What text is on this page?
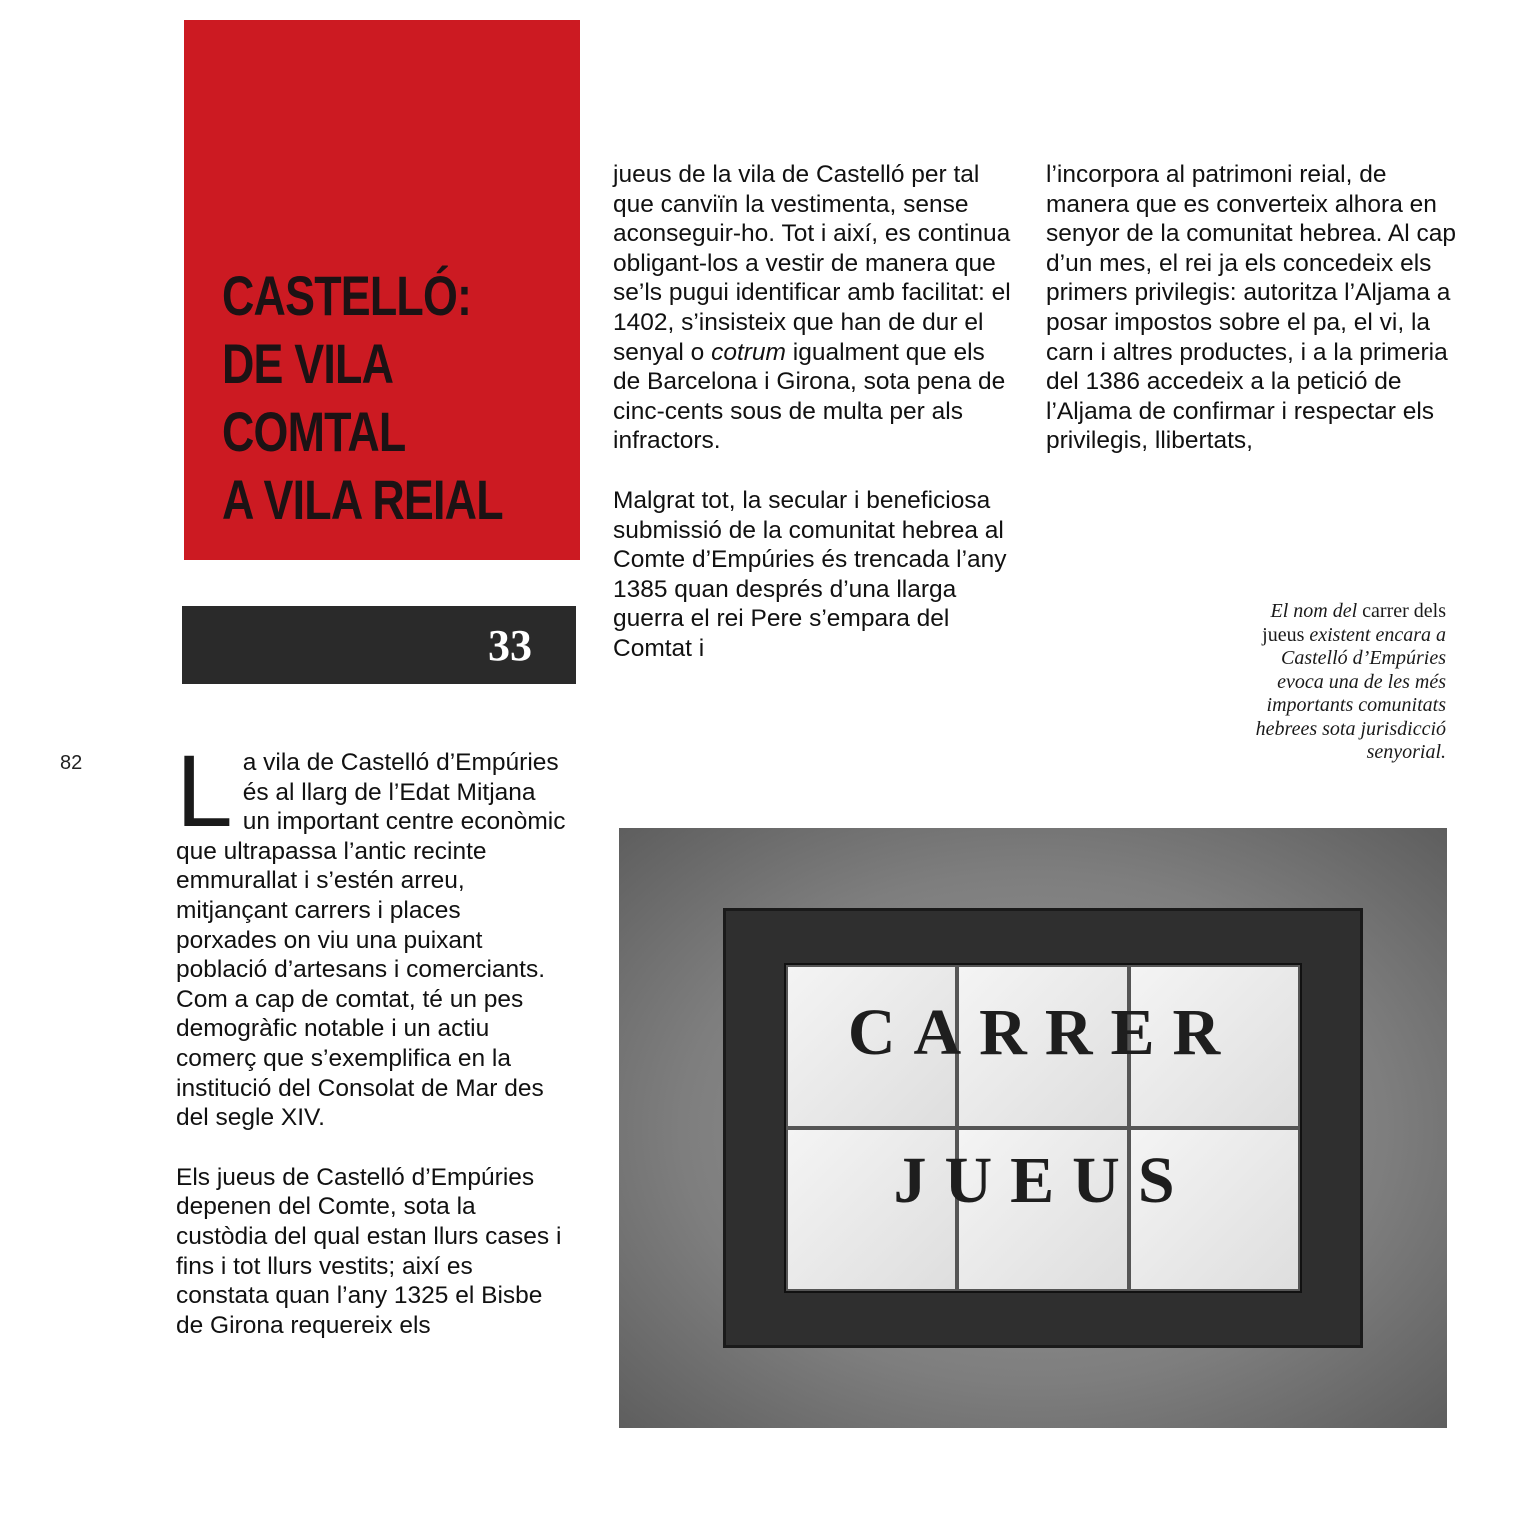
CASTELLÓ:
DE VILA
COMTAL
A VILA REIAL
33
82 La vila de Castelló d’Empúries és al llarg de l’Edat Mitjana un important centre econòmic que ultrapassa l’antic recinte emmurallat i s’estén arreu, mitjançant carrers i places porxades on viu una puixant població d’artesans i comerciants. Com a cap de comtat, té un pes demogràfic notable i un actiu comerç que s’exemplifica en la institució del Consolat de Mar des del segle XIV.

Els jueus de Castelló d’Empúries depenen del Comte, sota la custòdia del qual estan llurs cases i fins i tot llurs vestits; així es constata quan l’any 1325 el Bisbe de Girona requereix els

jueus de la vila de Castelló per tal que canviïn la vestimenta, sense aconseguir-ho. Tot i així, es continua obligant-los a vestir de manera que se’ls pugui identificar amb facilitat: el 1402, s’insisteix que han de dur el senyal o cotrum igualment que els de Barcelona i Girona, sota pena de cinc-cents sous de multa per als infractors.

Malgrat tot, la secular i beneficiosa submissió de la comunitat hebrea al Comte d’Empúries és trencada l’any 1385 quan després d’una llarga guerra el rei Pere s’empara del Comtat i

l’incorpora al patrimoni reial, de manera que es converteix alhora en senyor de la comunitat hebrea. Al cap d’un mes, el rei ja els concedeix els primers privilegis: autoritza l’Aljama a posar impostos sobre el pa, el vi, la carn i altres productes, i a la primeria del 1386 accedeix a la petició de l’Aljama de confirmar i respectar els privilegis, llibertats,

El nom del carrer dels jueus existent encara a Castelló d’Empúries evoca una de les més importants comunitats hebrees sota jurisdicció senyorial.
CARRER
JUEUS
